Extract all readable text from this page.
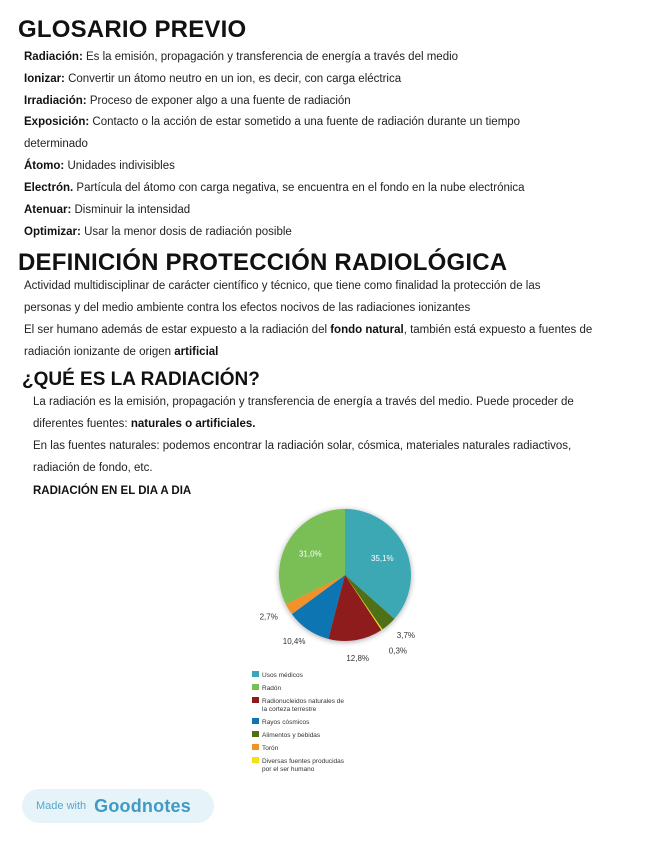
GLOSARIO PREVIO
Radiación: Es la emisión, propagación y transferencia de energía a través del medio
Ionizar: Convertir un átomo neutro en un ion, es decir, con carga eléctrica
Irradiación: Proceso de exponer algo a una fuente de radiación
Exposición: Contacto o la acción de estar sometido a una fuente de radiación durante un tiempo
determinado
Átomo: Unidades indivisibles
Electrón. Partícula del átomo con carga negativa, se encuentra en el fondo en la nube electrónica
Atenuar: Disminuir la intensidad
Optimizar: Usar la menor dosis de radiación posible
DEFINICIÓN PROTECCIÓN RADIOLÓGICA
Actividad multidisciplinar de carácter científico y técnico, que tiene como finalidad la protección de las
personas y del medio ambiente contra los efectos nocivos de las radiaciones ionizantes
El ser humano además de estar expuesto a la radiación del fondo natural, también está expuesto a fuentes de
radiación ionizante de origen artificial
¿QUÉ ES LA RADIACIÓN?
La radiación es la emisión, propagación y transferencia de energía a través del medio. Puede proceder de
diferentes fuentes: naturales o artificiales.
En las fuentes naturales: podemos encontrar la radiación solar, cósmica, materiales naturales radiactivos,
radiación de fondo, etc.
RADIACIÓN EN EL DIA A DIA
35,1%
3,7%
0,3%
12,8%
10,4%
2,7%
31,0%
Usos médicos
Radón
Radionucleidos naturales de
la corteza terrestre
Rayos cósmicos
Alimentos y bebidas
Torón
Diversas fuentes producidas
por el ser humano
Made with Goodnotes
